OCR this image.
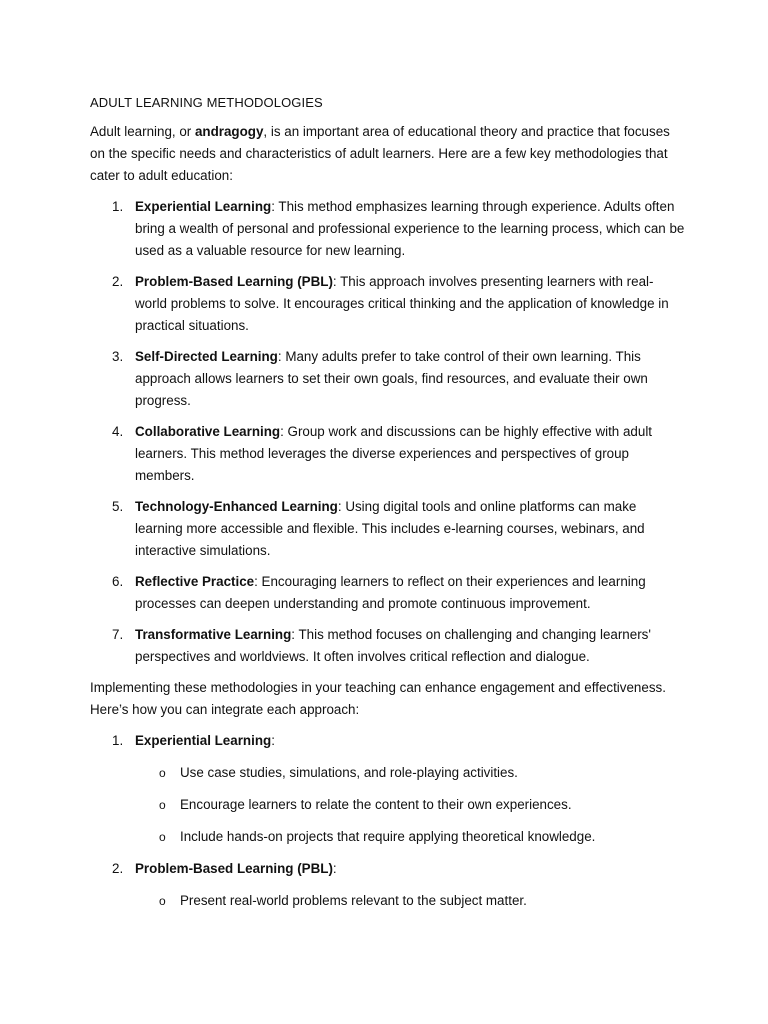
ADULT LEARNING METHODOLOGIES

Adult learning, or andragogy, is an important area of educational theory and practice that focuses on the specific needs and characteristics of adult learners. Here are a few key methodologies that cater to adult education:

1. Experiential Learning: This method emphasizes learning through experience. Adults often bring a wealth of personal and professional experience to the learning process, which can be used as a valuable resource for new learning.
2. Problem-Based Learning (PBL): This approach involves presenting learners with real-world problems to solve. It encourages critical thinking and the application of knowledge in practical situations.
3. Self-Directed Learning: Many adults prefer to take control of their own learning. This approach allows learners to set their own goals, find resources, and evaluate their own progress.
4. Collaborative Learning: Group work and discussions can be highly effective with adult learners. This method leverages the diverse experiences and perspectives of group members.
5. Technology-Enhanced Learning: Using digital tools and online platforms can make learning more accessible and flexible. This includes e-learning courses, webinars, and interactive simulations.
6. Reflective Practice: Encouraging learners to reflect on their experiences and learning processes can deepen understanding and promote continuous improvement.
7. Transformative Learning: This method focuses on challenging and changing learners' perspectives and worldviews. It often involves critical reflection and dialogue.

Implementing these methodologies in your teaching can enhance engagement and effectiveness. Here’s how you can integrate each approach:

1. Experiential Learning:
o Use case studies, simulations, and role-playing activities.
o Encourage learners to relate the content to their own experiences.
o Include hands-on projects that require applying theoretical knowledge.
2. Problem-Based Learning (PBL):
o Present real-world problems relevant to the subject matter.
